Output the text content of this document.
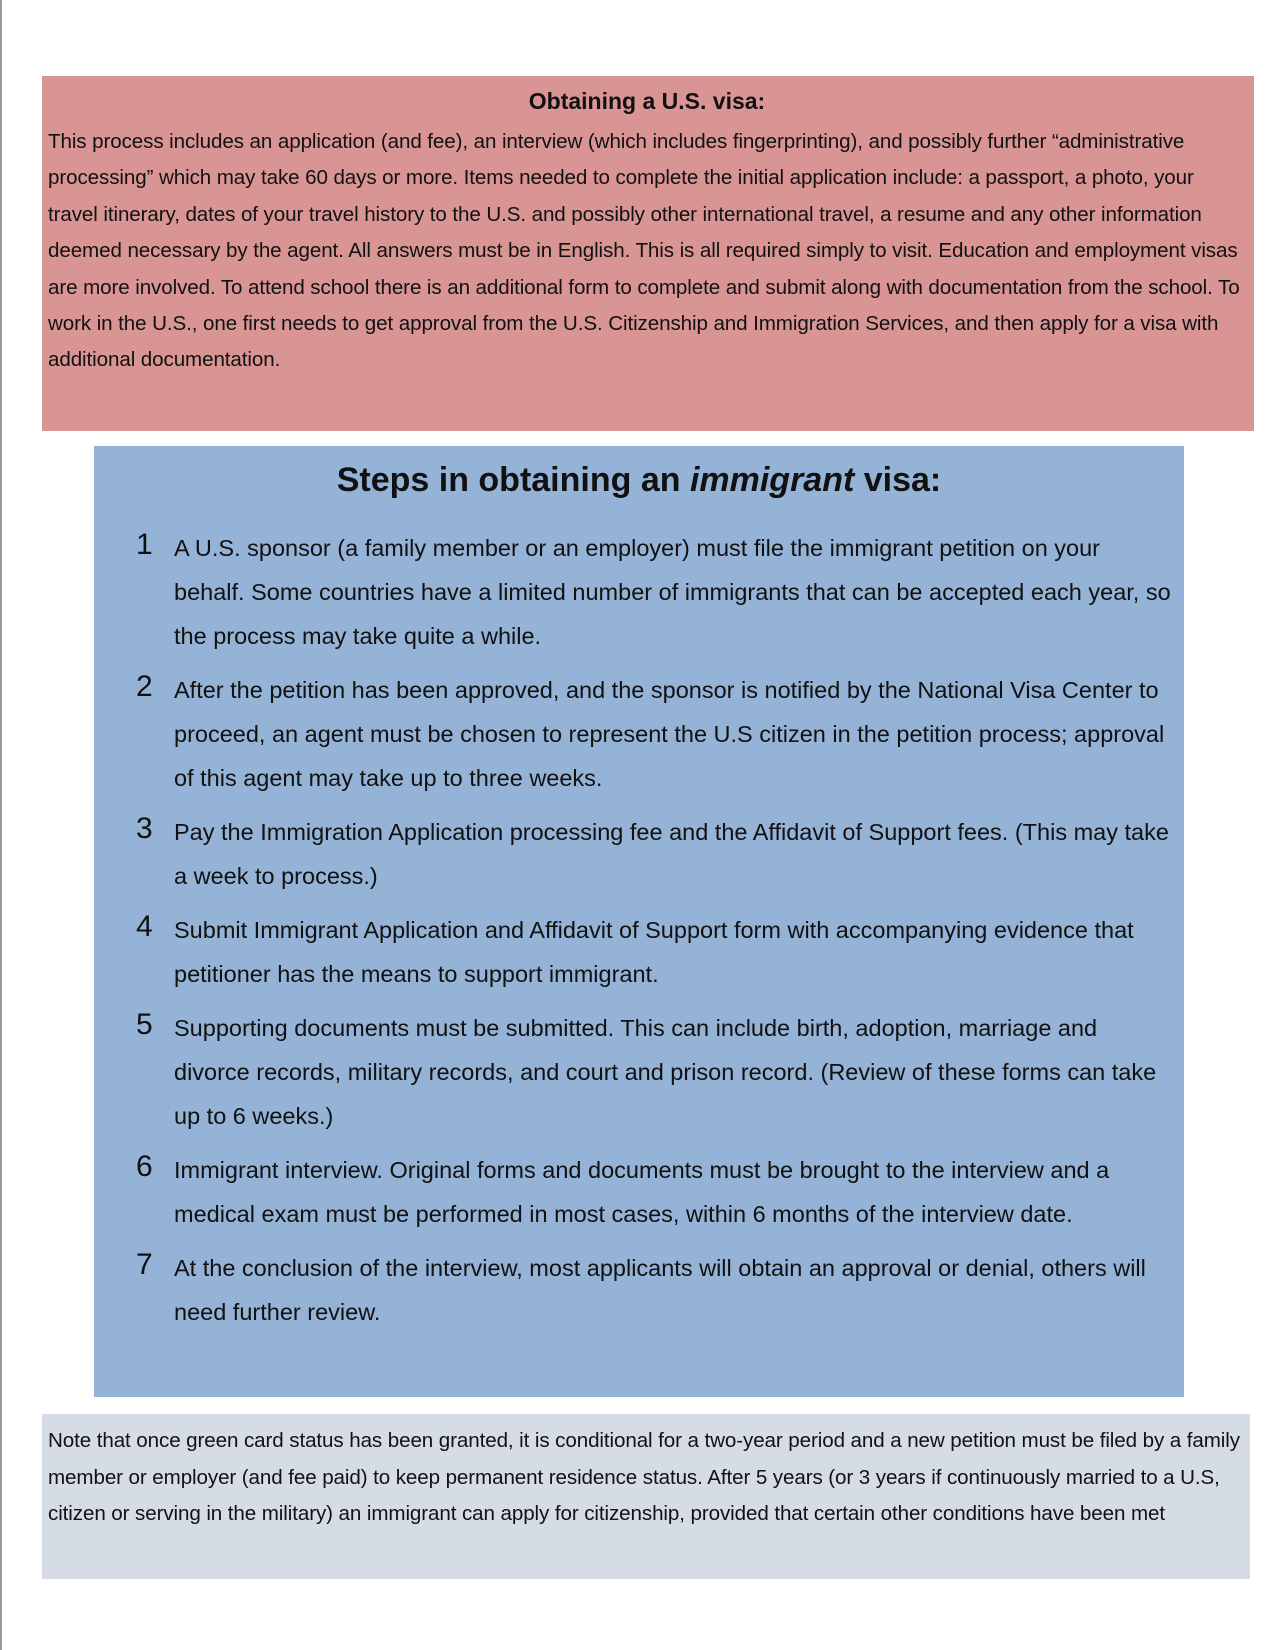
Obtaining a U.S. visa:

This process includes an application (and fee), an interview (which includes fingerprinting), and possibly further “administrative processing” which may take 60 days or more. Items needed to complete the initial application include: a passport, a photo, your travel itinerary, dates of your travel history to the U.S. and possibly other international travel, a resume and any other information deemed necessary by the agent. All answers must be in English. This is all required simply to visit. Education and employment visas are more involved. To attend school there is an additional form to complete and submit along with documentation from the school. To work in the U.S., one first needs to get approval from the U.S. Citizenship and Immigration Services, and then apply for a visa with additional documentation.

Steps in obtaining an immigrant visa:
1 A U.S. sponsor (a family member or an employer) must file the immigrant petition on your behalf. Some countries have a limited number of immigrants that can be accepted each year, so the process may take quite a while.
2 After the petition has been approved, and the sponsor is notified by the National Visa Center to proceed, an agent must be chosen to represent the U.S citizen in the petition process; approval of this agent may take up to three weeks.
3 Pay the Immigration Application processing fee and the Affidavit of Support fees. (This may take a week to process.)
4 Submit Immigrant Application and Affidavit of Support form with accompanying evidence that petitioner has the means to support immigrant.
5 Supporting documents must be submitted. This can include birth, adoption, marriage and divorce records, military records, and court and prison record. (Review of these forms can take up to 6 weeks.)
6 Immigrant interview. Original forms and documents must be brought to the interview and a medical exam must be performed in most cases, within 6 months of the interview date.
7 At the conclusion of the interview, most applicants will obtain an approval or denial, others will need further review.

Note that once green card status has been granted, it is conditional for a two-year period and a new petition must be filed by a family member or employer (and fee paid) to keep permanent residence status. After 5 years (or 3 years if continuously married to a U.S, citizen or serving in the military) an immigrant can apply for citizenship, provided that certain other conditions have been met
